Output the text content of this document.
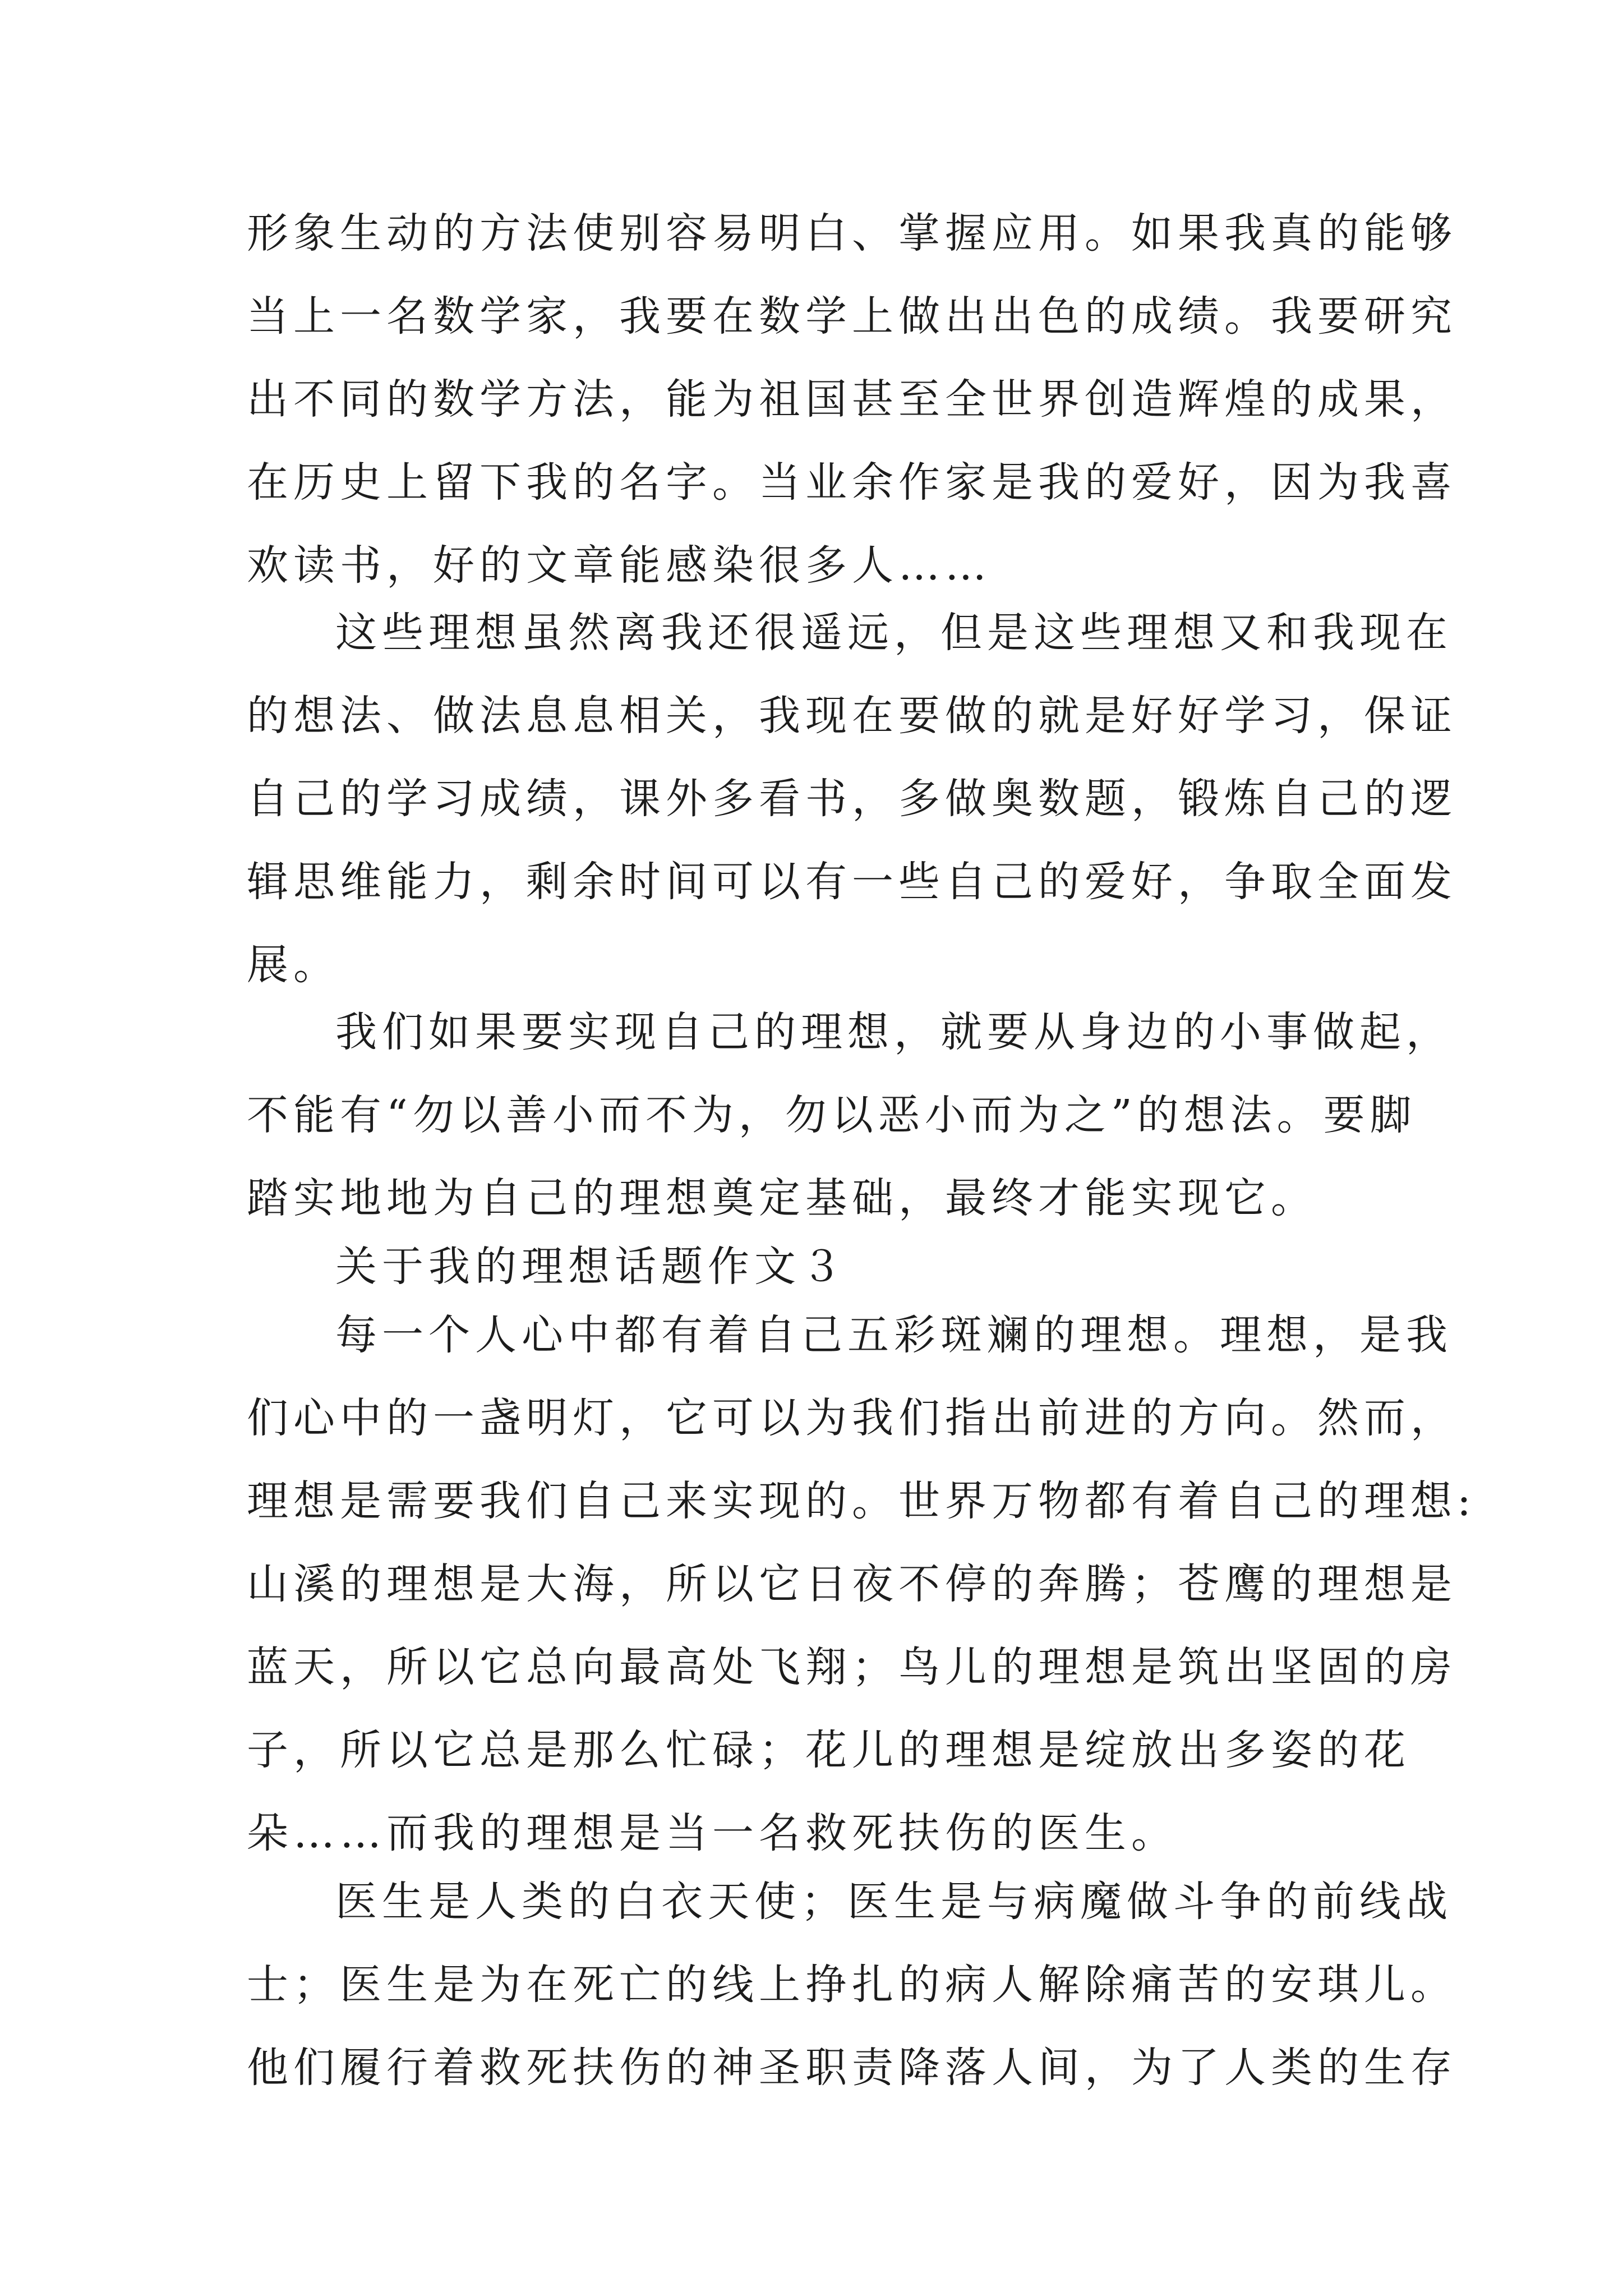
形象生动的方法使别容易明白、掌握应用。如果我真的能够
当上一名数学家，我要在数学上做出出色的成绩。我要研究
出不同的数学方法，能为祖国甚至全世界创造辉煌的成果，
在历史上留下我的名字。当业余作家是我的爱好，因为我喜
欢读书，好的文章能感染很多人……
这些理想虽然离我还很遥远，但是这些理想又和我现在
的想法、做法息息相关，我现在要做的就是好好学习，保证
自己的学习成绩，课外多看书，多做奥数题，锻炼自己的逻
辑思维能力，剩余时间可以有一些自己的爱好，争取全面发
展。
我们如果要实现自己的理想，就要从身边的小事做起，
不能有“勿以善小而不为，勿以恶小而为之”的想法。要脚
踏实地地为自己的理想奠定基础，最终才能实现它。
关于我的理想话题作文３
每一个人心中都有着自己五彩斑斓的理想。理想，是我
们心中的一盏明灯，它可以为我们指出前进的方向。然而，
理想是需要我们自己来实现的。世界万物都有着自己的理想:
山溪的理想是大海，所以它日夜不停的奔腾；苍鹰的理想是
蓝天，所以它总向最高处飞翔；鸟儿的理想是筑出坚固的房
子，所以它总是那么忙碌；花儿的理想是绽放出多姿的花
朵……而我的理想是当一名救死扶伤的医生。
医生是人类的白衣天使；医生是与病魔做斗争的前线战
士；医生是为在死亡的线上挣扎的病人解除痛苦的安琪儿。
他们履行着救死扶伤的神圣职责降落人间，为了人类的生存
